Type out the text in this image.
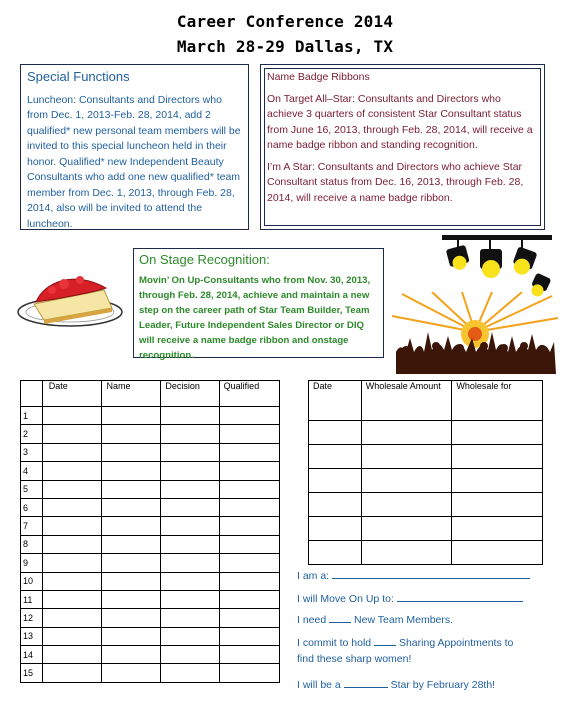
Career Conference 2014
March 28-29 Dallas, TX
Special Functions
Luncheon: Consultants and Directors who from Dec. 1, 2013-Feb. 28, 2014, add 2 qualified* new personal team members will be invited to this special luncheon held in their honor. Qualified* new Independent Beauty Consultants who add one new qualified* team member from Dec. 1, 2013, through Feb. 28, 2014, also will be invited to attend the luncheon.
Name Badge Ribbons
On Target All–Star: Consultants and Directors who achieve 3 quarters of consistent Star Consultant status from June 16, 2013, through Feb. 28, 2014, will receive a name badge ribbon and standing recognition.
I’m A Star: Consultants and Directors who achieve Star Consultant status from Dec. 16, 2013, through Feb. 28, 2014, will receive a name badge ribbon.
On Stage Recognition:
Movin’ On Up-Consultants who from Nov. 30, 2013, through Feb. 28, 2014, achieve and maintain a new step on the career path of Star Team Builder, Team Leader, Future Independent Sales Director or DIQ will receive a name badge ribbon and onstage recognition.
	Date	Name	Decision	Qualified
1				
2				
3				
4				
5				
6				
7				
8				
9				
10				
11				
12				
13				
14				
15				
Date	Wholesale Amount	Wholesale for

I am a:
I will Move On Up to:
I need	New Team Members.
I commit to hold	Sharing Appointments to
find these sharp women!
I will be a	Star by February 28th!
